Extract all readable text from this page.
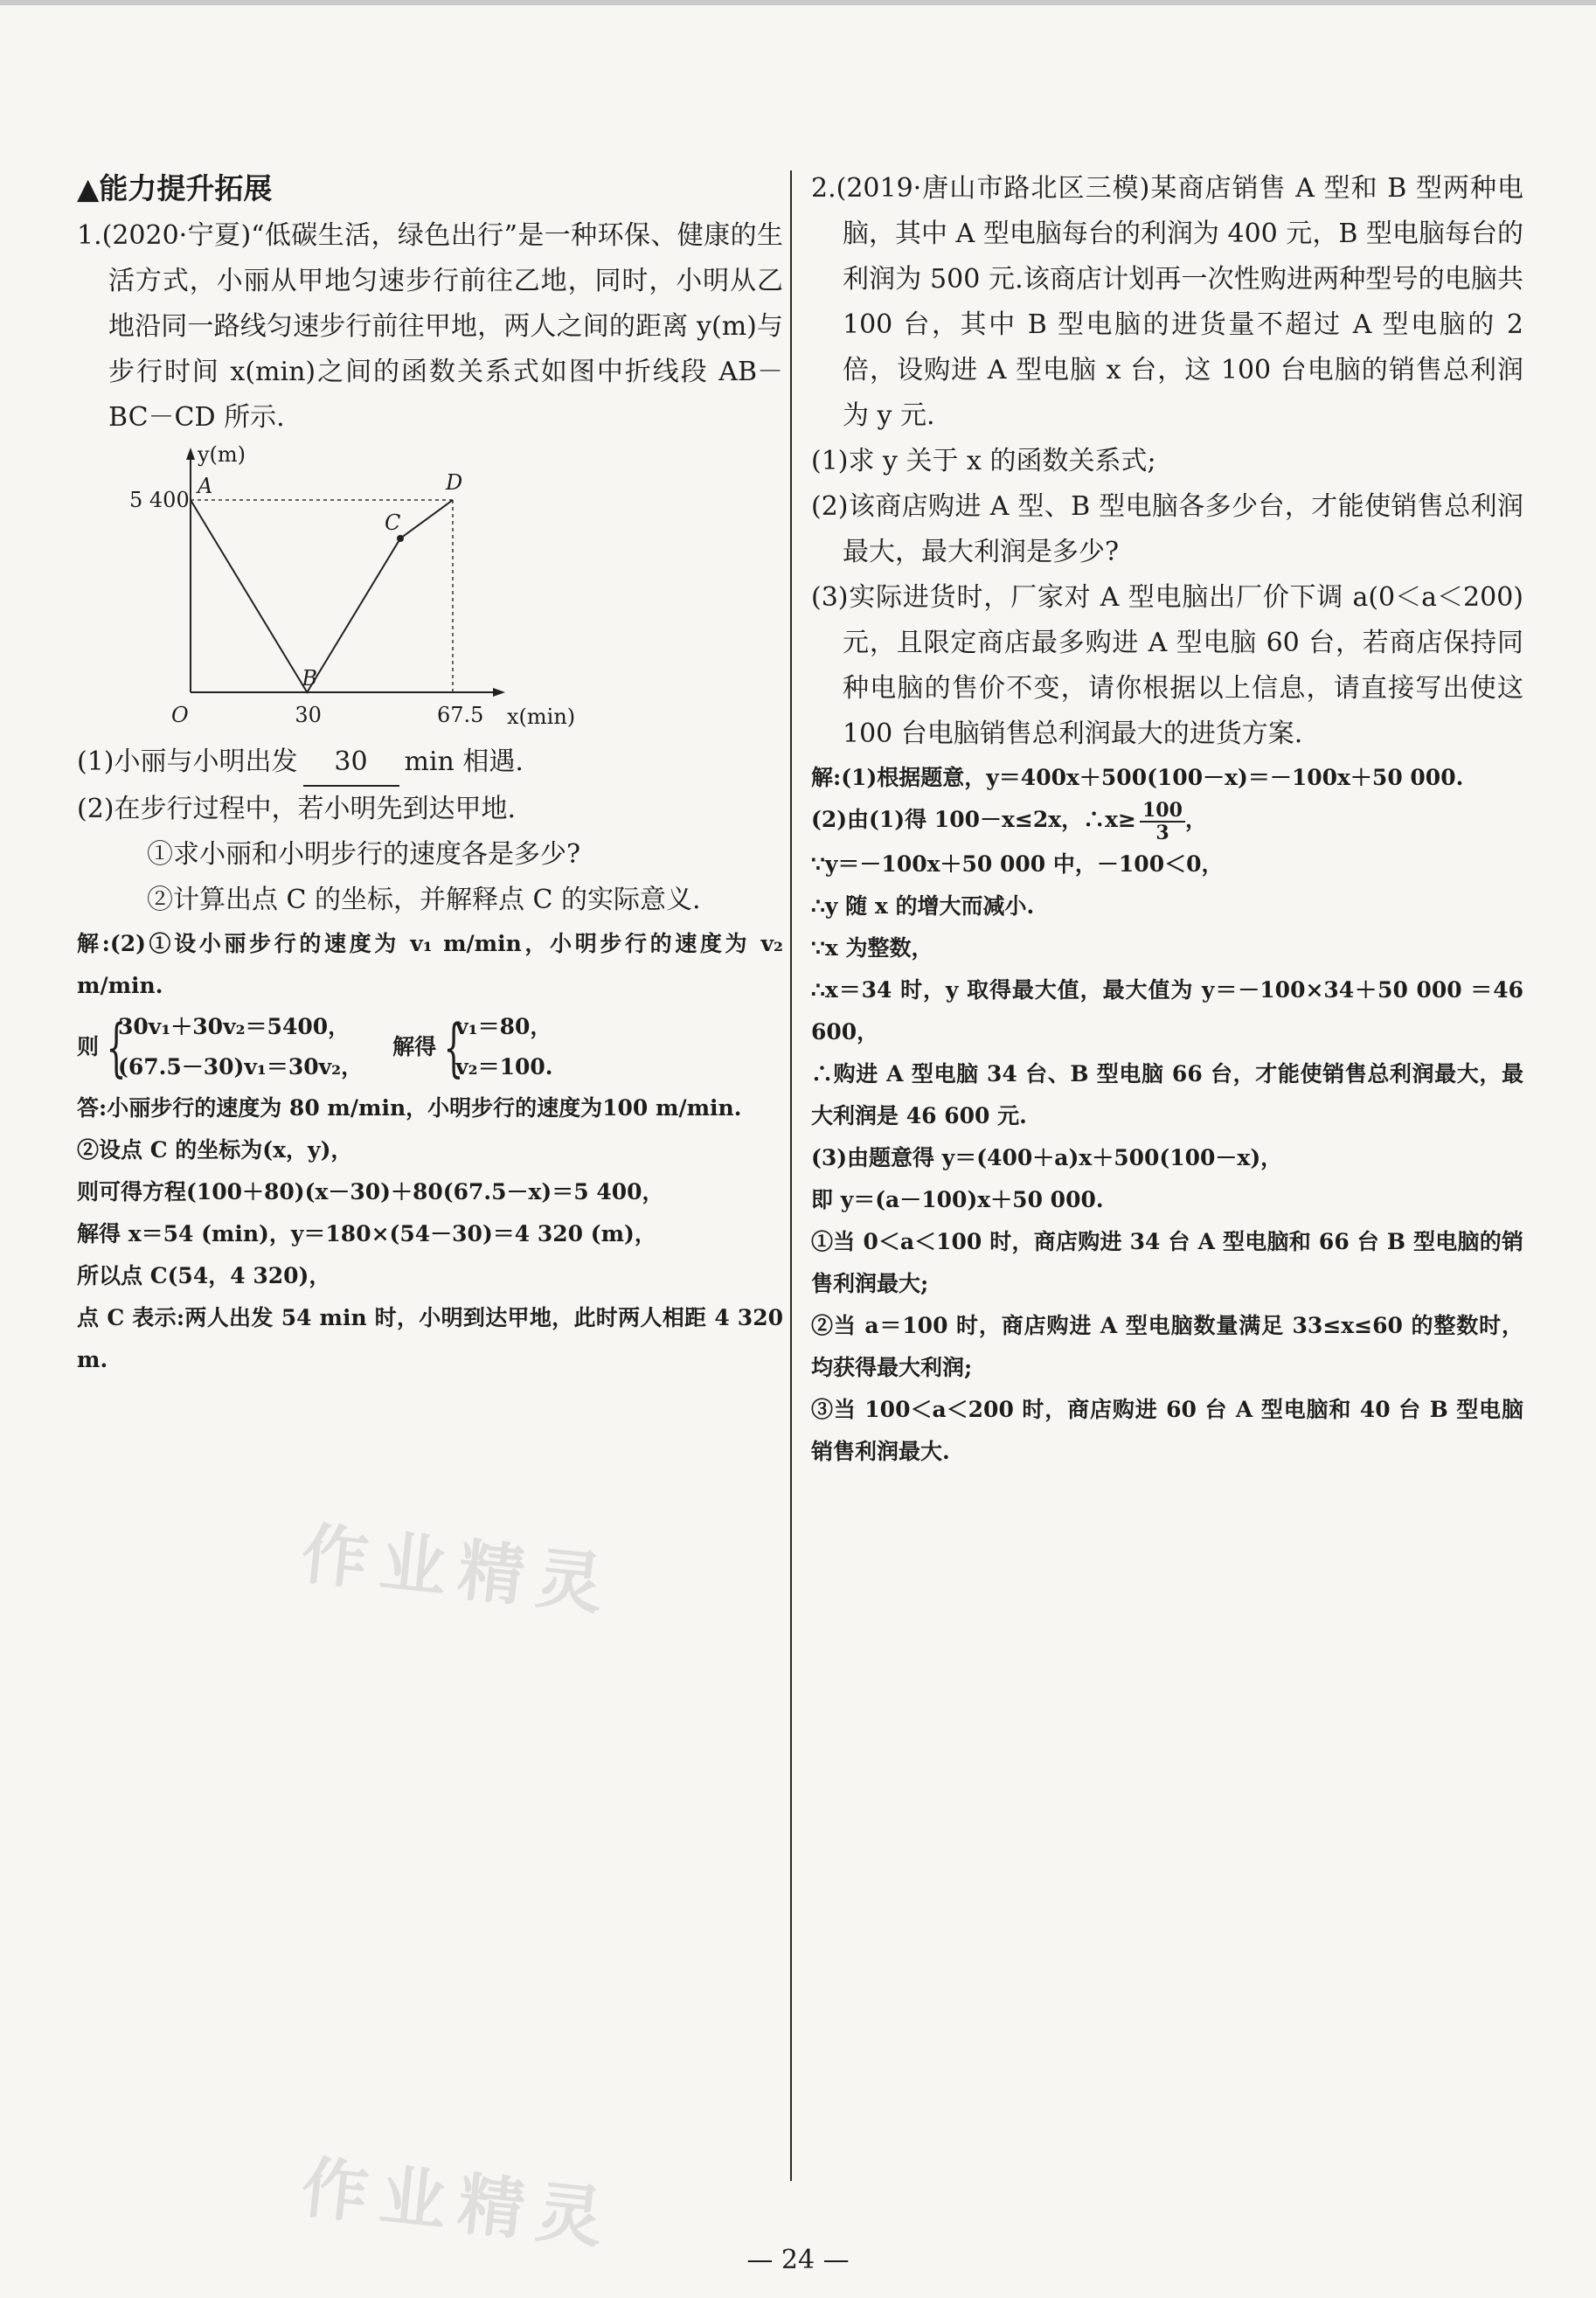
▲能力提升拓展

1.(2020·宁夏)“低碳生活，绿色出行”是一种环保、健康的生活方式，小丽从甲地匀速步行前往乙地，同时，小明从乙地沿同一路线匀速步行前往甲地，两人之间的距离 y(m)与步行时间 x(min)之间的函数关系式如图中折线段 AB－BC－CD 所示.

A
B
C
D
5 400
30	67.5
O	x(min)
y(m)

(1)小丽与小明出发 30 min 相遇.

(2)在步行过程中，若小明先到达甲地.

①求小丽和小明步行的速度各是多少?

②计算出点 C 的坐标，并解释点 C 的实际意义.

解:(2)①设小丽步行的速度为 v₁ m/min，小明步行的速度为 v₂ m/min.

则 {
30v₁＋30v₂＝5400，
(67.5－30)v₁＝30v₂，
解得 {
v₁＝80，
v₂＝100.

答:小丽步行的速度为 80 m/min，小明步行的速度为100 m/min.

②设点 C 的坐标为(x，y)，

则可得方程(100＋80)(x－30)＋80(67.5－x)＝5 400，

解得 x＝54 (min)，y＝180×(54－30)＝4 320 (m)，

所以点 C(54，4 320)，

点 C 表示:两人出发 54 min 时，小明到达甲地，此时两人相距 4 320 m.

2.(2019·唐山市路北区三模)某商店销售 A 型和 B 型两种电脑，其中 A 型电脑每台的利润为 400 元，B 型电脑每台的利润为 500 元.该商店计划再一次性购进两种型号的电脑共 100 台，其中 B 型电脑的进货量不超过 A 型电脑的 2 倍，设购进 A 型电脑 x 台，这 100 台电脑的销售总利润为 y 元.

(1)求 y 关于 x 的函数关系式;

(2)该商店购进 A 型、B 型电脑各多少台，才能使销售总利润最大，最大利润是多少?

(3)实际进货时，厂家对 A 型电脑出厂价下调 a(0＜a＜200)元，且限定商店最多购进 A 型电脑 60 台，若商店保持同种电脑的售价不变，请你根据以上信息，请直接写出使这 100 台电脑销售总利润最大的进货方案.

解:(1)根据题意，y＝400x＋500(100－x)＝－100x＋50 000.

(2)由(1)得 100－x≤2x，∴x≥ $\frac{100}{3}$ ，

∵y＝－100x＋50 000 中，－100＜0，

∴y 随 x 的增大而减小.

∵x 为整数，

∴x＝34 时，y 取得最大值，最大值为 y＝－100×34＋50 000 ＝46 600，

∴购进 A 型电脑 34 台、B 型电脑 66 台，才能使销售总利润最大，最大利润是 46 600 元.

(3)由题意得 y＝(400＋a)x＋500(100－x)，

即 y＝(a－100)x＋50 000.

①当 0＜a＜100 时，商店购进 34 台 A 型电脑和 66 台 B 型电脑的销售利润最大;

②当 a＝100 时，商店购进 A 型电脑数量满足 33≤x≤60 的整数时，均获得最大利润;

③当 100＜a＜200 时，商店购进 60 台 A 型电脑和 40 台 B 型电脑销售利润最大.

作业精灵
作业精灵
— 24 —
